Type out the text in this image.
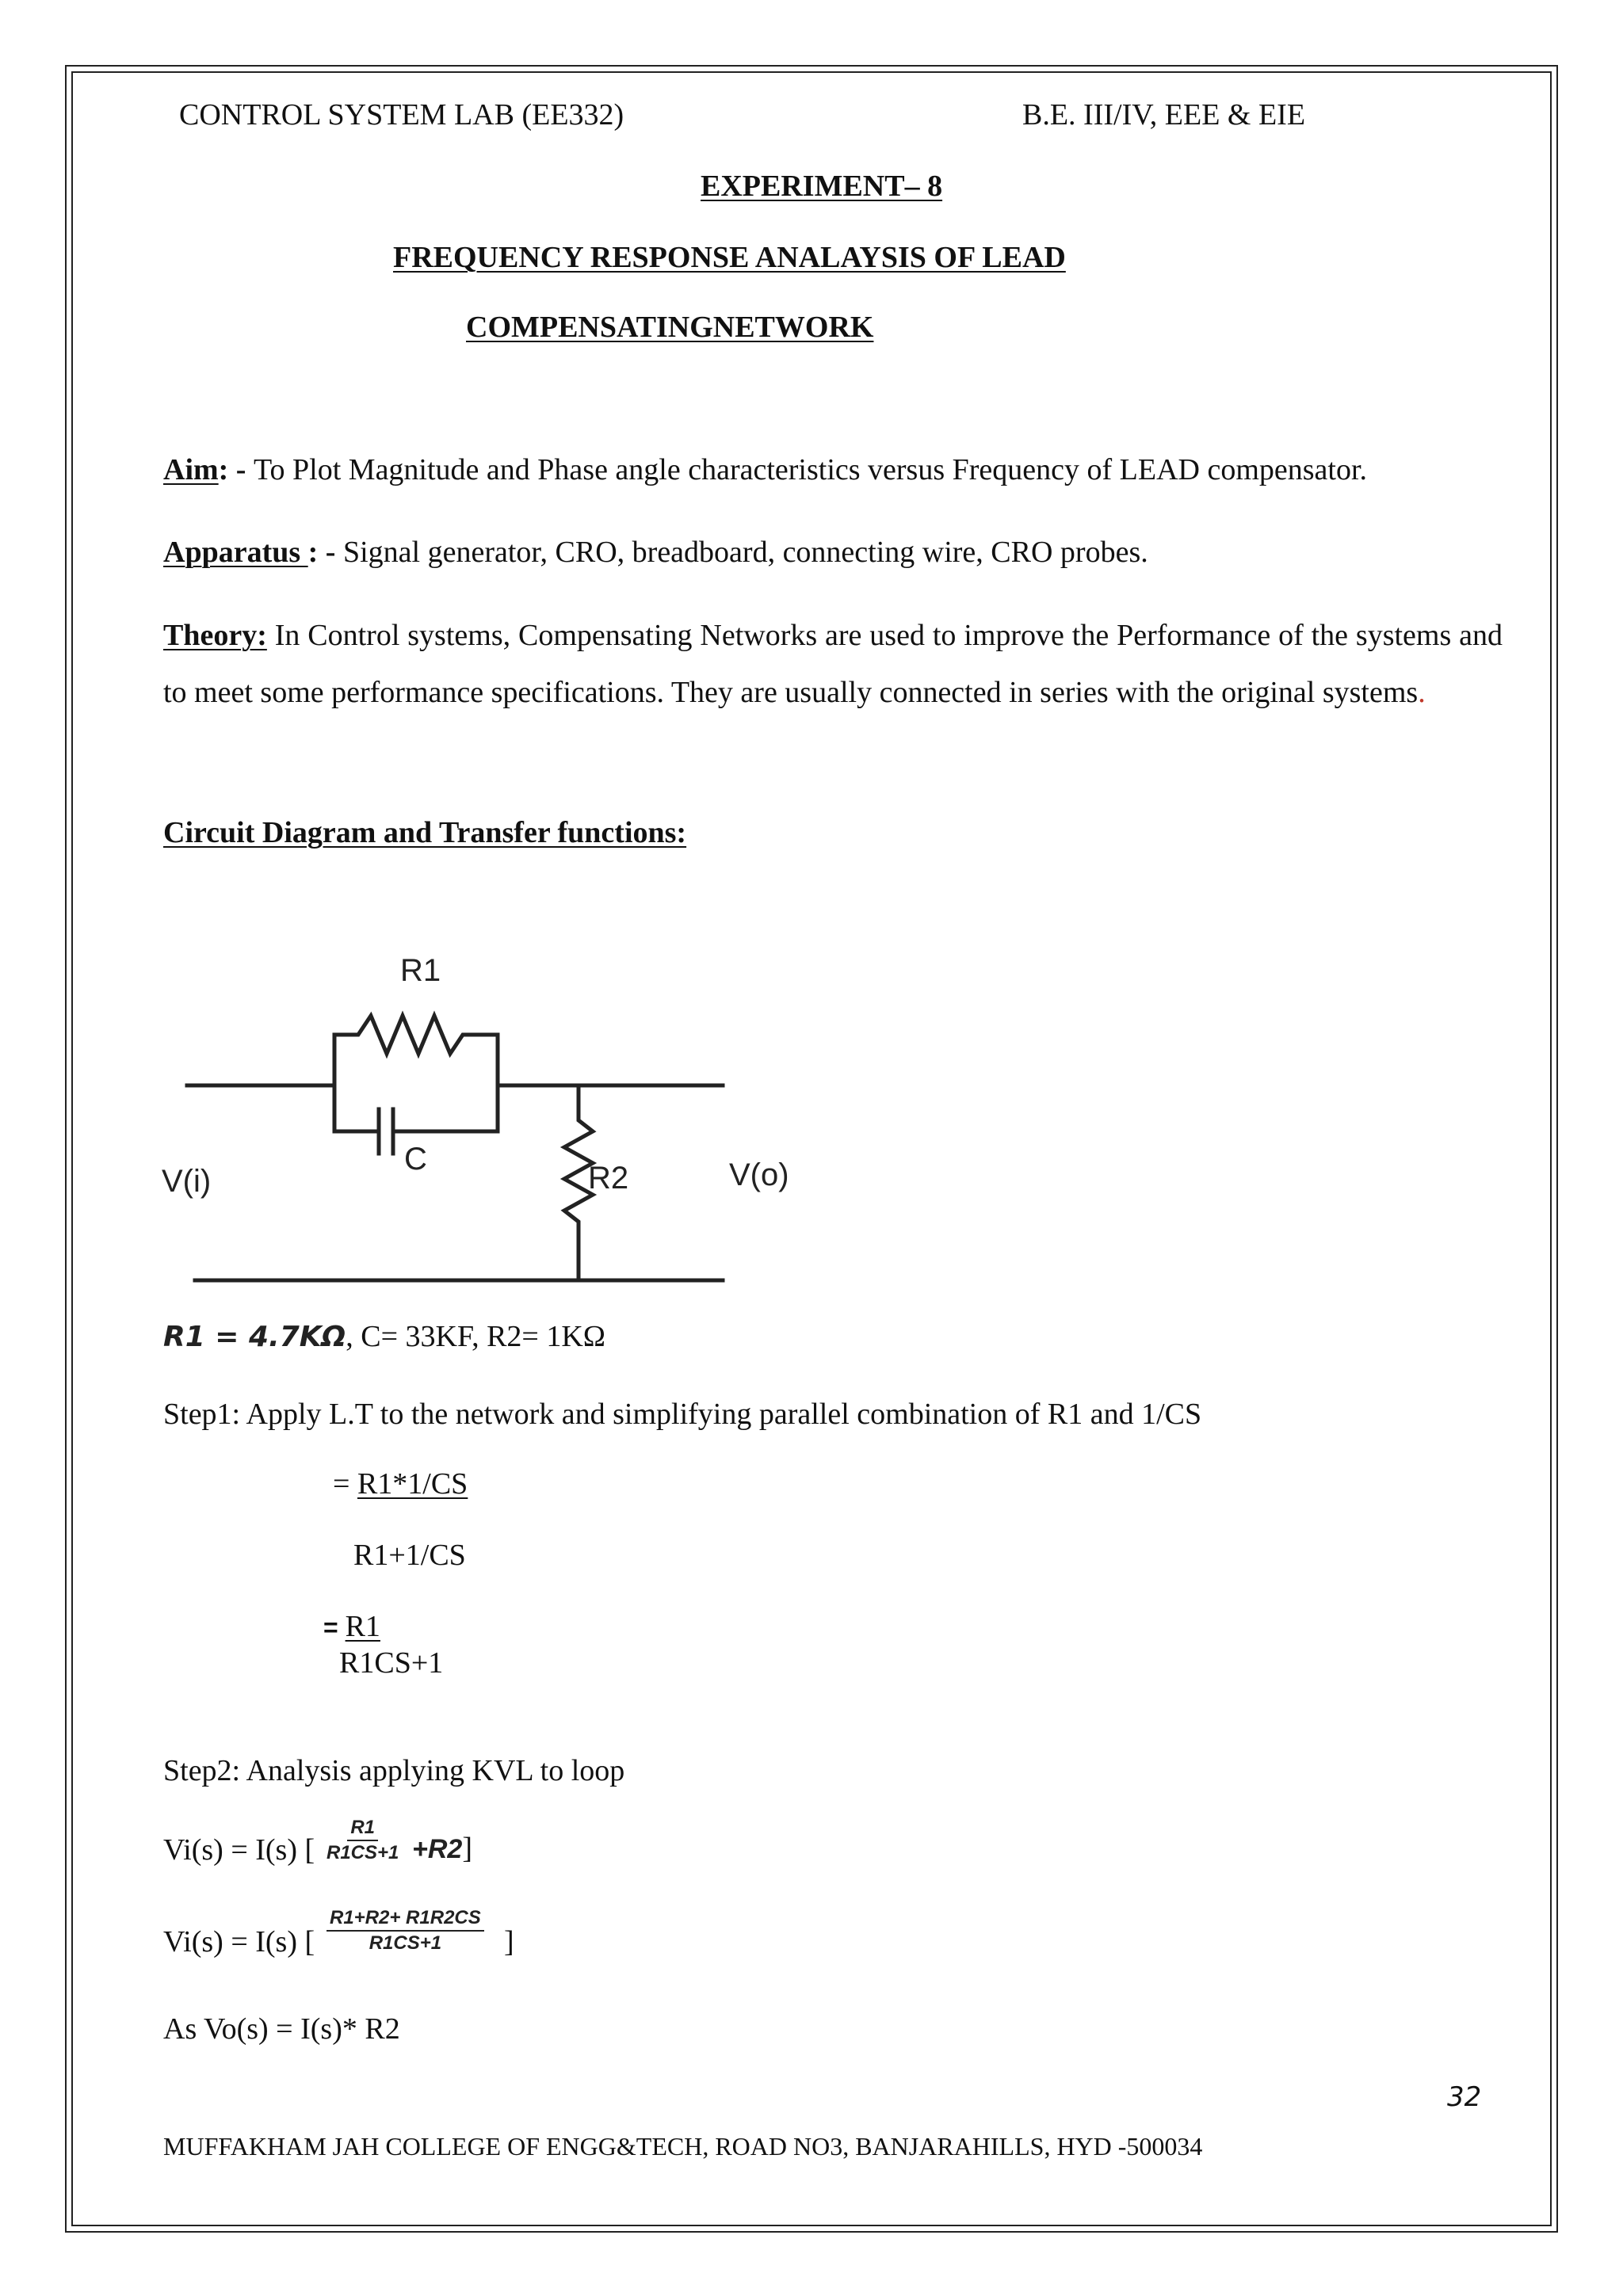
CONTROL SYSTEM LAB (EE332)	B.E. III/IV, EEE & EIE
EXPERIMENT– 8
FREQUENCY RESPONSE ANALAYSIS OF LEAD
COMPENSATINGNETWORK
Aim: - To Plot Magnitude and Phase angle characteristics versus Frequency of LEAD compensator.
Apparatus : - Signal generator, CRO, breadboard, connecting wire, CRO probes.
Theory: In Control systems, Compensating Networks are used to improve the Performance of the systems and to meet some performance specifications. They are usually connected in series with the original systems.
Circuit Diagram and Transfer functions:
R1
C
R2
V(i)	V(o)
R1 = 4.7KΩ, C= 33KF, R2= 1KΩ
Step1: Apply L.T to the network and simplifying parallel combination of R1 and 1/CS
= R1*1/CS
R1+1/CS
= R1
R1CS+1
Step2: Analysis applying KVL to loop
Vi(s) = I(s) [ $\frac{R1}{R1CS+1} +R2$]
Vi(s) = I(s) [ $\frac{R1+R2+ R1R2CS}{R1CS+1}$ ]
As Vo(s) = I(s)* R2
32
MUFFAKHAM JAH COLLEGE OF ENGG&TECH, ROAD NO3, BANJARAHILLS, HYD -500034
